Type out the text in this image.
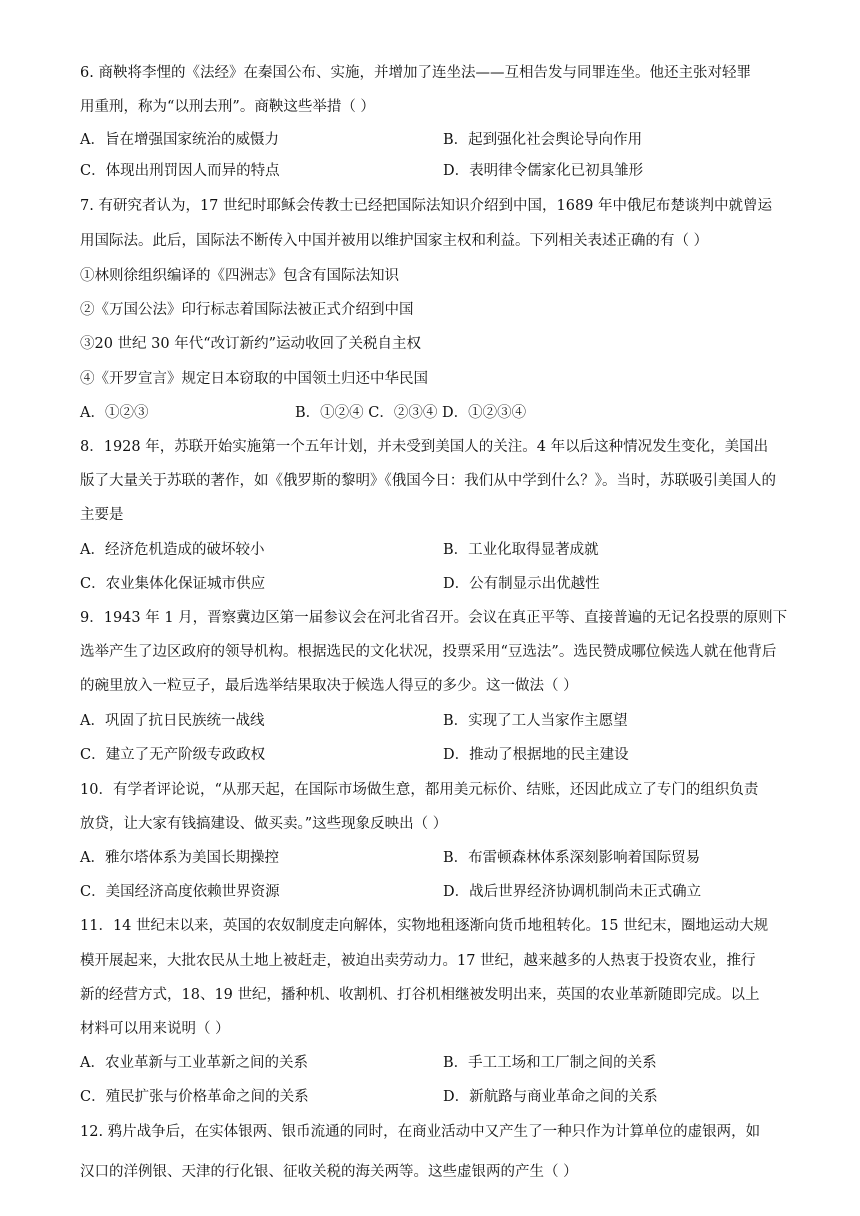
6. 商鞅将李悝的《法经》在秦国公布、实施，并增加了连坐法——互相告发与同罪连坐。他还主张对轻罪
用重刑，称为“以刑去刑”。商鞅这些举措（ ）
A．旨在增强国家统治的威慑力	B．起到强化社会舆论导向作用
C．体现出刑罚因人而异的特点	D．表明律令儒家化已初具雏形
7. 有研究者认为，17 世纪时耶稣会传教士已经把国际法知识介绍到中国，1689 年中俄尼布楚谈判中就曾运
用国际法。此后，国际法不断传入中国并被用以维护国家主权和利益。下列相关表述正确的有（ ）
①林则徐组织编译的《四洲志》包含有国际法知识
②《万国公法》印行标志着国际法被正式介绍到中国
③20 世纪 30 年代“改订新约”运动收回了关税自主权
④《开罗宣言》规定日本窃取的中国领土归还中华民国
A．①②③	B．①②④ C．②③④ D．①②③④
8．1928 年，苏联开始实施第一个五年计划，并未受到美国人的关注。4 年以后这种情况发生变化，美国出
版了大量关于苏联的著作，如《俄罗斯的黎明》《俄国今日：我们从中学到什么？》。当时，苏联吸引美国人的
主要是
A．经济危机造成的破坏较小	B．工业化取得显著成就
C．农业集体化保证城市供应	D．公有制显示出优越性
9．1943 年 1 月，晋察冀边区第一届参议会在河北省召开。会议在真正平等、直接普遍的无记名投票的原则下
选举产生了边区政府的领导机构。根据选民的文化状况，投票采用“豆选法”。选民赞成哪位候选人就在他背后
的碗里放入一粒豆子，最后选举结果取决于候选人得豆的多少。这一做法（ ）
A．巩固了抗日民族统一战线	B．实现了工人当家作主愿望
C．建立了无产阶级专政政权	D．推动了根据地的民主建设
10．有学者评论说，“从那天起，在国际市场做生意，都用美元标价、结账，还因此成立了专门的组织负责
放贷，让大家有钱搞建设、做买卖。”这些现象反映出（ ）
A．雅尔塔体系为美国长期操控	B．布雷顿森林体系深刻影响着国际贸易
C．美国经济高度依赖世界资源	D．战后世界经济协调机制尚未正式确立
11．14 世纪末以来，英国的农奴制度走向解体，实物地租逐渐向货币地租转化。15 世纪末，圈地运动大规
模开展起来，大批农民从土地上被赶走，被迫出卖劳动力。17 世纪，越来越多的人热衷于投资农业，推行
新的经营方式，18、19 世纪，播种机、收割机、打谷机相继被发明出来，英国的农业革新随即完成。以上
材料可以用来说明（ ）
A．农业革新与工业革新之间的关系	B．手工工场和工厂制之间的关系
C．殖民扩张与价格革命之间的关系	D．新航路与商业革命之间的关系
12. 鸦片战争后，在实体银两、银币流通的同时，在商业活动中又产生了一种只作为计算单位的虚银两，如
汉口的洋例银、天津的行化银、征收关税的海关两等。这些虚银两的产生（ ）
